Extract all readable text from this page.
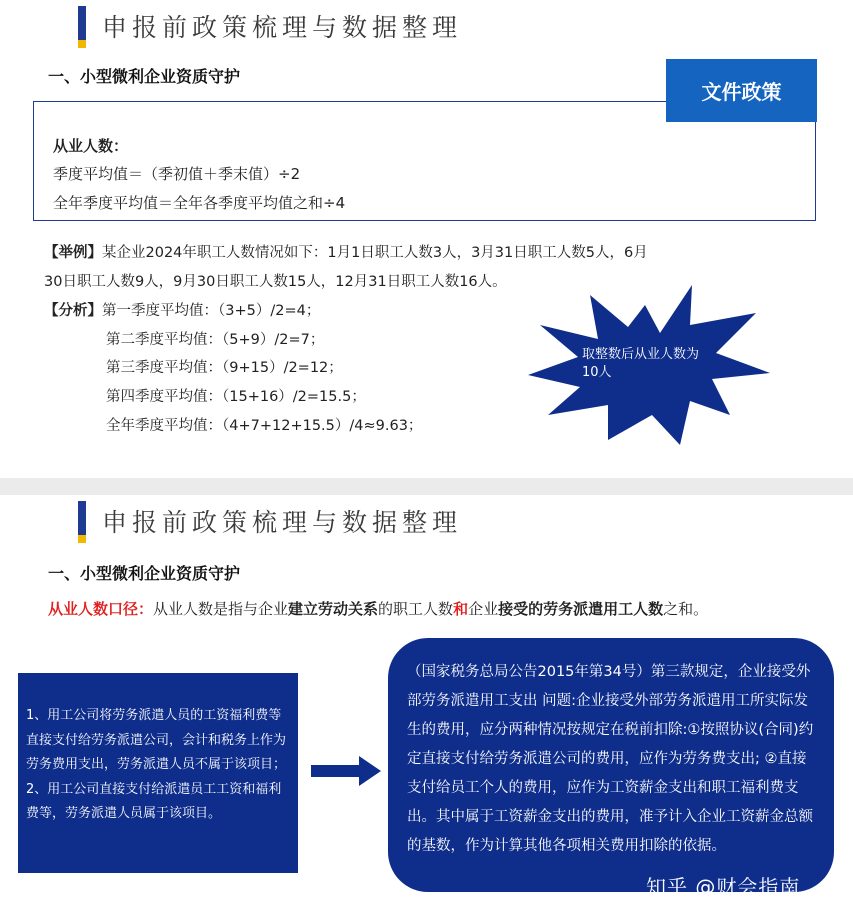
申报前政策梳理与数据整理
一、小型微利企业资质守护
文件政策
从业人数：
季度平均值＝（季初值＋季末值）÷2
全年季度平均值＝全年各季度平均值之和÷4
【举例】某企业2024年职工人数情况如下：1月1日职工人数3人，3月31日职工人数5人，6月
30日职工人数9人，9月30日职工人数15人，12月31日职工人数16人。
【分析】第一季度平均值：（3+5）/2=4；
第二季度平均值：（5+9）/2=7；
第三季度平均值：（9+15）/2=12；
第四季度平均值：（15+16）/2=15.5；
全年季度平均值：（4+7+12+15.5）/4≈9.63；
取整数后从业人数为10人
申报前政策梳理与数据整理
一、小型微利企业资质守护
从业人数口径：从业人数是指与企业建立劳动关系的职工人数和企业接受的劳务派遣用工人数之和。
1、用工公司将劳务派遣人员的工资福利费等直接支付给劳务派遣公司，会计和税务上作为劳务费用支出，劳务派遣人员不属于该项目；
2、用工公司直接支付给派遣员工工资和福利费等，劳务派遣人员属于该项目。
（国家税务总局公告2015年第34号）第三款规定，企业接受外部劳务派遣用工支出 问题:企业接受外部劳务派遣用工所实际发生的费用，应分两种情况按规定在税前扣除:①按照协议(合同)约定直接支付给劳务派遣公司的费用，应作为劳务费支出; ②直接支付给员工个人的费用，应作为工资薪金支出和职工福利费支出。其中属于工资薪金支出的费用，准予计入企业工资薪金总额的基数，作为计算其他各项相关费用扣除的依据。
知乎 @财会指南
